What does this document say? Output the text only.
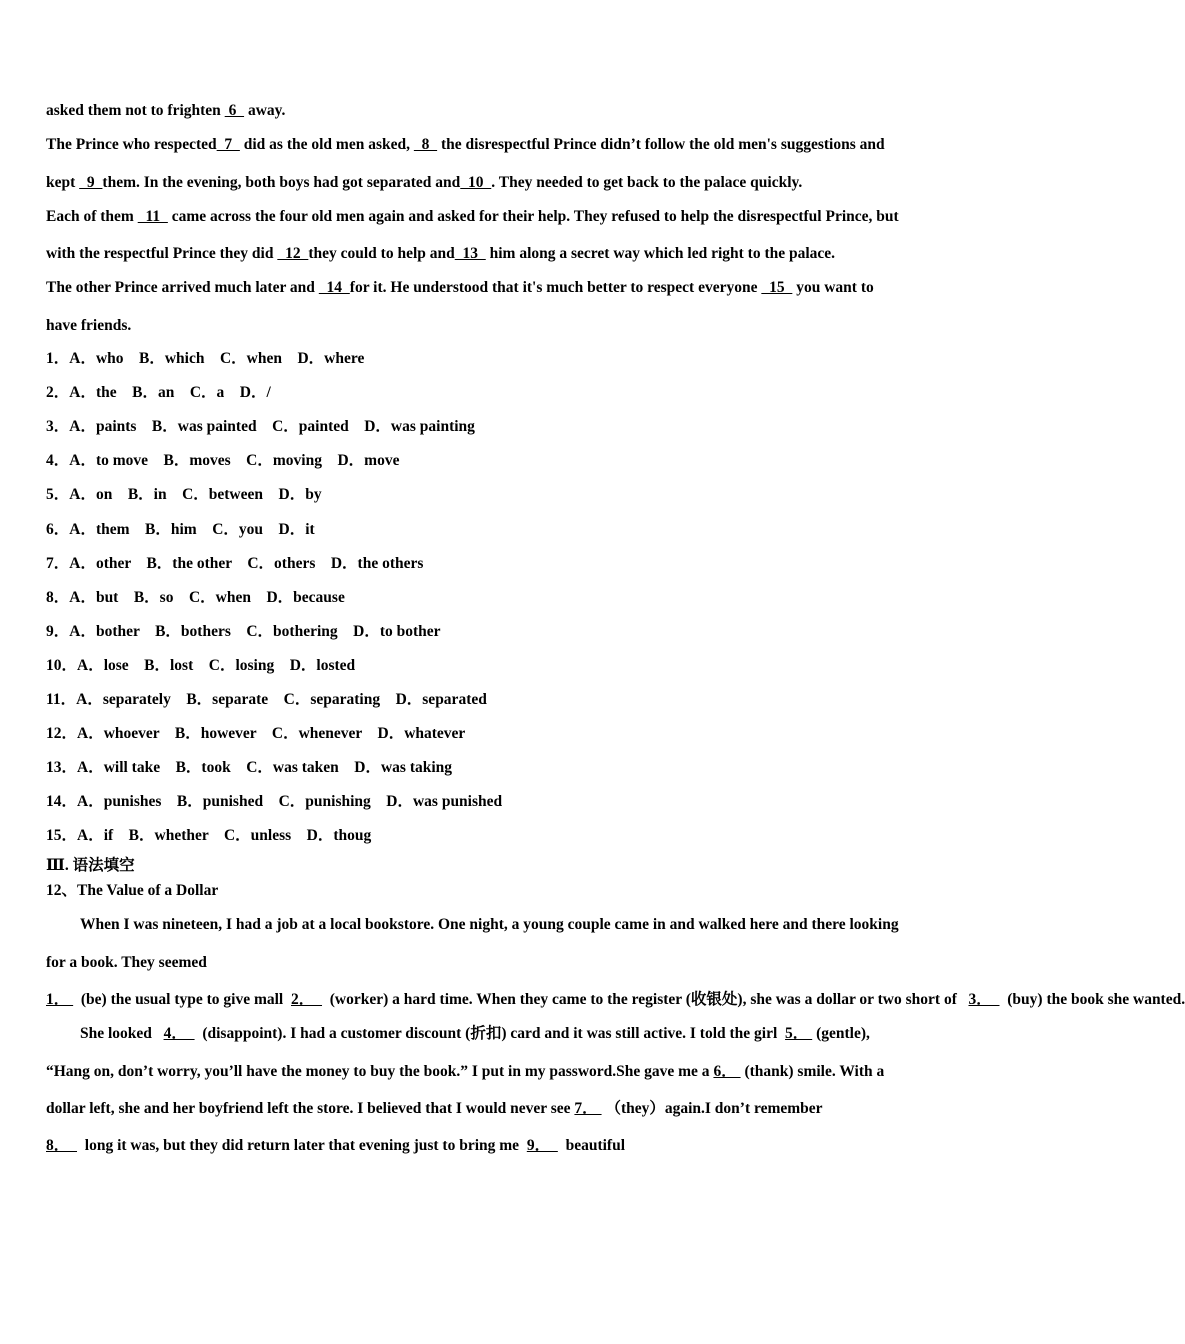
asked them not to frighten  6   away.

The Prince who respected  7   did as the old men asked,   8   the disrespectful Prince didn’t follow the old men's suggestions and kept   9  them. In the evening, both boys had got separated and  10  . They needed to get back to the palace quickly.

Each of them   11   came across the four old men again and asked for their help. They refused to help the disrespectful Prince, but with the respectful Prince they did   12  they could to help and  13   him along a secret way which led right to the palace.

The other Prince arrived much later and   14  for it. He understood that it's much better to respect everyone   15   you want to have friends.

1．A．who    B．which    C．when    D．where
2．A．the    B．an    C．a    D．/
3．A．paints    B．was painted    C．painted    D．was painting
4．A．to move    B．moves    C．moving    D．move
5．A．on    B．in    C．between    D．by
6．A．them    B．him    C．you    D．it
7．A．other    B．the other    C．others    D．the others
8．A．but    B．so    C．when    D．because
9．A．bother    B．bothers    C．bothering    D．to bother
10．A．lose    B．lost    C．losing    D．losted
11．A．separately    B．separate    C．separating    D．separated
12．A．whoever    B．however    C．whenever    D．whatever
13．A．will take    B．took    C．was taken    D．was taking
14．A．punishes    B．punished    C．punishing    D．was punished
15．A．if    B．whether    C．unless    D．thoug
Ⅲ. 语法填空
12、The Value of a Dollar

When I was nineteen, I had a job at a local bookstore. One night, a young couple came in and walked here and there looking for a book. They seemed 1．   (be) the usual type to give mall  2．    (worker) a hard time. When they came to the register (收银处), she was a dollar or two short of   3．    (buy) the book she wanted.

She looked   4．    (disappoint). I had a customer discount (折扣) card and it was still active. I told the girl  5．  (gentle), “Hang on, don’t worry, you’ll have the money to buy the book.” I put in my password.She gave me a 6．  (thank) smile. With a dollar left, she and her boyfriend left the store. I believed that I would never see 7．  （they）again.I don’t remember 8．    long it was, but they did return later that evening just to bring me  9．    beautiful
